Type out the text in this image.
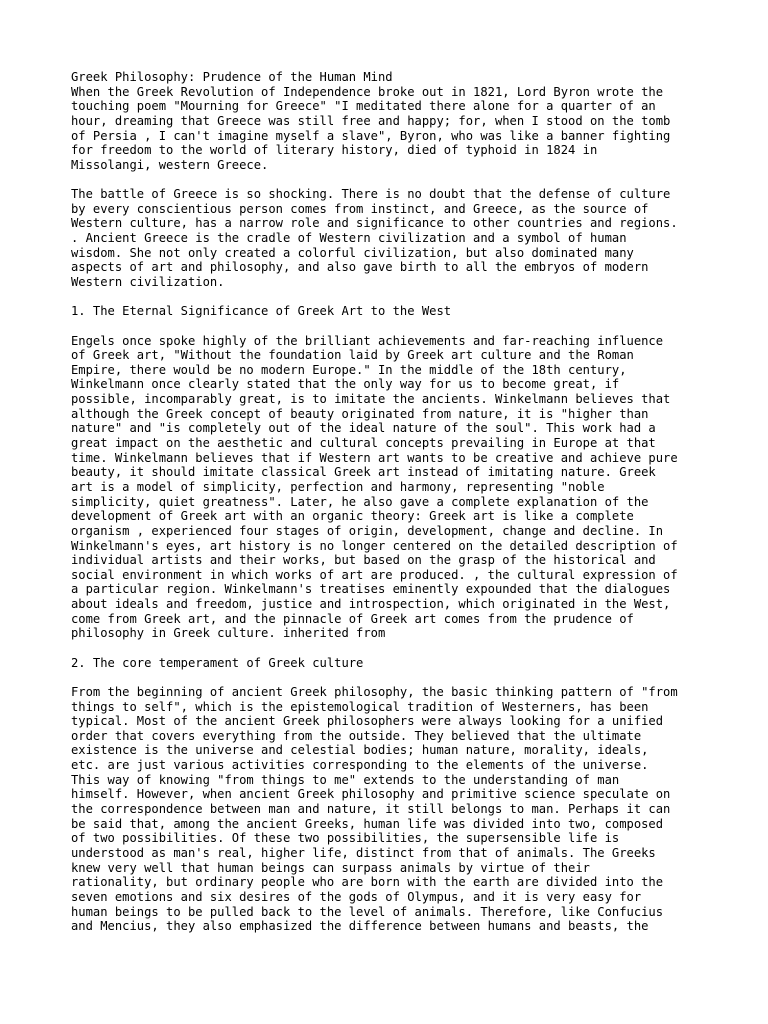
Greek Philosophy: Prudence of the Human Mind
When the Greek Revolution of Independence broke out in 1821, Lord Byron wrote the
touching poem "Mourning for Greece" "I meditated there alone for a quarter of an
hour, dreaming that Greece was still free and happy; for, when I stood on the tomb
of Persia , I can't imagine myself a slave", Byron, who was like a banner fighting
for freedom to the world of literary history, died of typhoid in 1824 in
Missolangi, western Greece.
The battle of Greece is so shocking. There is no doubt that the defense of culture
by every conscientious person comes from instinct, and Greece, as the source of
Western culture, has a narrow role and significance to other countries and regions.
. Ancient Greece is the cradle of Western civilization and a symbol of human
wisdom. She not only created a colorful civilization, but also dominated many
aspects of art and philosophy, and also gave birth to all the embryos of modern
Western civilization.
1. The Eternal Significance of Greek Art to the West
Engels once spoke highly of the brilliant achievements and far-reaching influence
of Greek art, "Without the foundation laid by Greek art culture and the Roman
Empire, there would be no modern Europe." In the middle of the 18th century,
Winkelmann once clearly stated that the only way for us to become great, if
possible, incomparably great, is to imitate the ancients. Winkelmann believes that
although the Greek concept of beauty originated from nature, it is "higher than
nature" and "is completely out of the ideal nature of the soul". This work had a
great impact on the aesthetic and cultural concepts prevailing in Europe at that
time. Winkelmann believes that if Western art wants to be creative and achieve pure
beauty, it should imitate classical Greek art instead of imitating nature. Greek
art is a model of simplicity, perfection and harmony, representing "noble
simplicity, quiet greatness". Later, he also gave a complete explanation of the
development of Greek art with an organic theory: Greek art is like a complete
organism , experienced four stages of origin, development, change and decline. In
Winkelmann's eyes, art history is no longer centered on the detailed description of
individual artists and their works, but based on the grasp of the historical and
social environment in which works of art are produced. , the cultural expression of
a particular region. Winkelmann's treatises eminently expounded that the dialogues
about ideals and freedom, justice and introspection, which originated in the West,
come from Greek art, and the pinnacle of Greek art comes from the prudence of
philosophy in Greek culture. inherited from
2. The core temperament of Greek culture
From the beginning of ancient Greek philosophy, the basic thinking pattern of "from
things to self", which is the epistemological tradition of Westerners, has been
typical. Most of the ancient Greek philosophers were always looking for a unified
order that covers everything from the outside. They believed that the ultimate
existence is the universe and celestial bodies; human nature, morality, ideals,
etc. are just various activities corresponding to the elements of the universe.
This way of knowing "from things to me" extends to the understanding of man
himself. However, when ancient Greek philosophy and primitive science speculate on
the correspondence between man and nature, it still belongs to man. Perhaps it can
be said that, among the ancient Greeks, human life was divided into two, composed
of two possibilities. Of these two possibilities, the supersensible life is
understood as man's real, higher life, distinct from that of animals. The Greeks
knew very well that human beings can surpass animals by virtue of their
rationality, but ordinary people who are born with the earth are divided into the
seven emotions and six desires of the gods of Olympus, and it is very easy for
human beings to be pulled back to the level of animals. Therefore, like Confucius
and Mencius, they also emphasized the difference between humans and beasts, the
